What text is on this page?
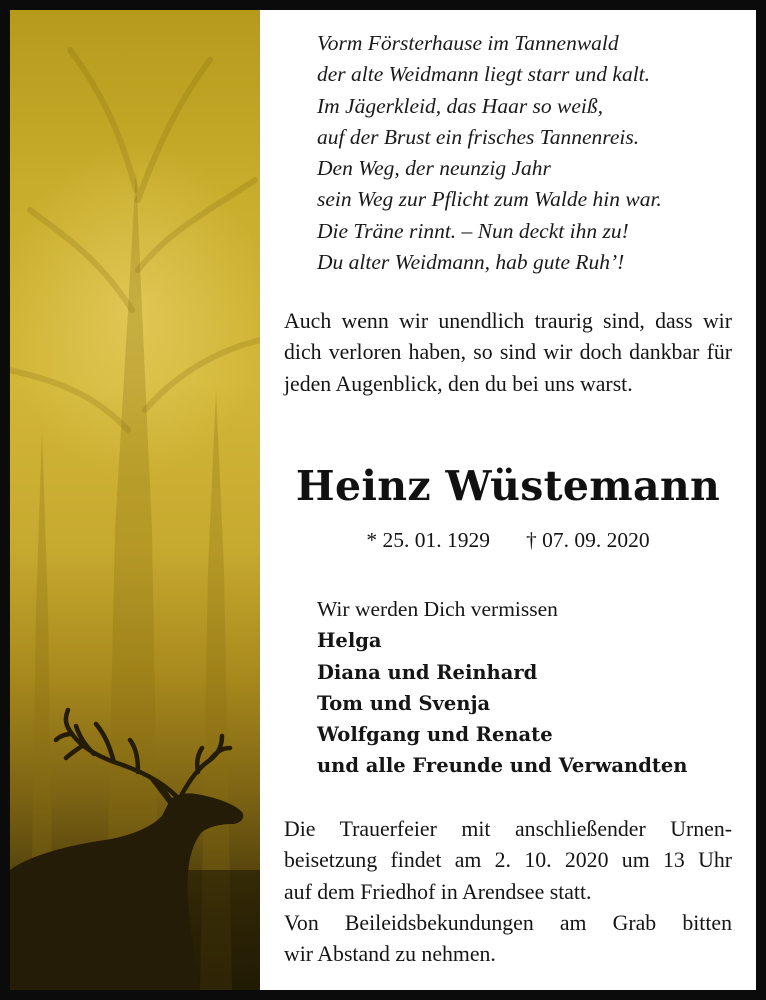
Vorm Försterhause im Tannenwald
der alte Weidmann liegt starr und kalt.
Im Jägerkleid, das Haar so weiß,
auf der Brust ein frisches Tannenreis.
Den Weg, der neunzig Jahr
sein Weg zur Pflicht zum Walde hin war.
Die Träne rinnt. – Nun deckt ihn zu!
Du alter Weidmann, hab gute Ruh’!
Auch wenn wir unendlich traurig sind, dass wir dich verloren haben, so sind wir doch dankbar für jeden Augenblick, den du bei uns warst.
Heinz Wüstemann
* 25. 01. 1929 † 07. 09. 2020
Wir werden Dich vermissen
Helga
Diana und Reinhard
Tom und Svenja
Wolfgang und Renate
und alle Freunde und Verwandten
Die Trauerfeier mit anschließender Urnen-
beisetzung findet am 2. 10. 2020 um 13 Uhr
auf dem Friedhof in Arendsee statt.
Von Beileidsbekundungen am Grab bitten
wir Abstand zu nehmen.
